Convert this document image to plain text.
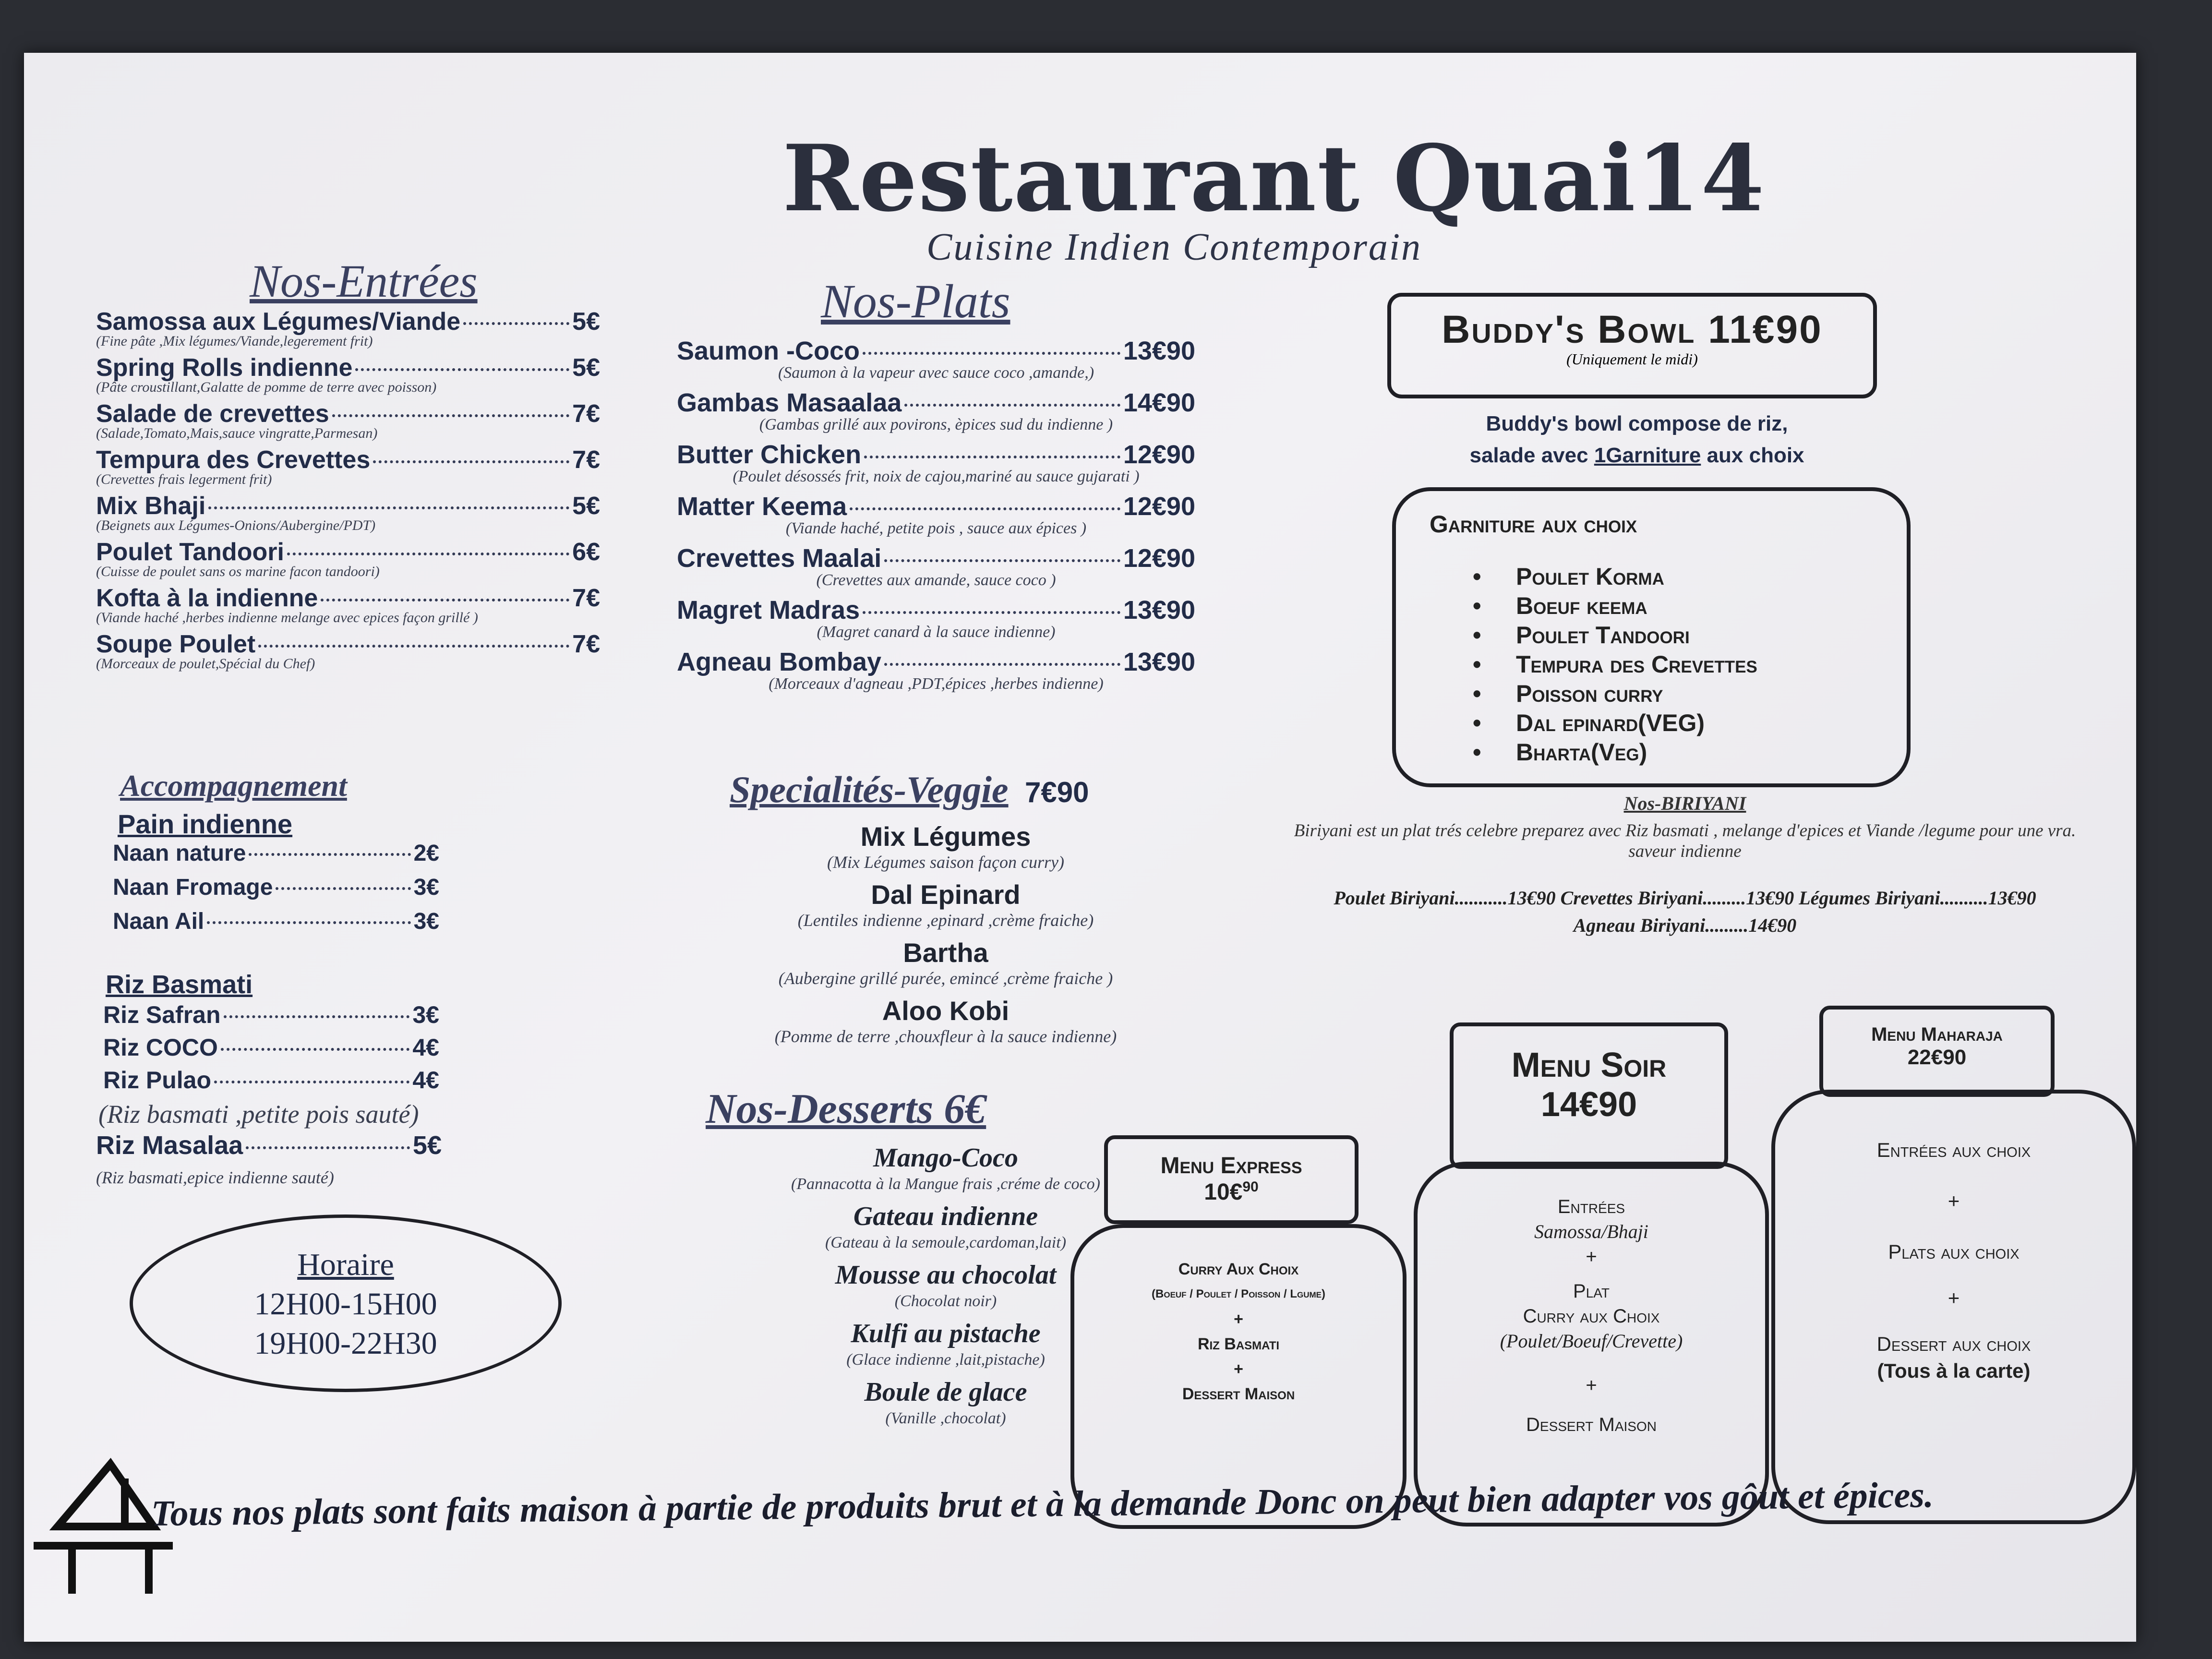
Restaurant Quai14
Cuisine Indien Contemporain
Nos-Entrées
Samossa aux Légumes/Viande	5€
(Fine pâte ,Mix légumes/Viande,legerement frit)
Spring Rolls indienne	5€
(Pâte croustillant,Galatte de pomme de terre avec poisson)
Salade de crevettes	7€
(Salade,Tomato,Mais,sauce vingratte,Parmesan)
Tempura des Crevettes	7€
(Crevettes frais legerment frit)
Mix Bhaji	5€
(Beignets aux Légumes-Onions/Aubergine/PDT)
Poulet Tandoori	6€
(Cuisse de poulet sans os marine facon tandoori)
Kofta à la indienne	7€
(Viande haché ,herbes indienne melange avec epices façon grillé )
Soupe Poulet	7€
(Morceaux de poulet,Spécial du Chef)
Accompagnement
Pain indienne
Naan nature	2€
Naan Fromage	3€
Naan Ail	3€
Riz Basmati
Riz Safran	3€
Riz COCO	4€
Riz Pulao	4€
(Riz basmati ,petite pois sauté)
Riz Masalaa	5€
(Riz basmati,epice indienne sauté)
Horaire
12H00-15H00
19H00-22H30
Nos-Plats
Saumon -Coco	13€90
(Saumon à la vapeur avec sauce coco ,amande,)
Gambas Masaalaa	14€90
(Gambas grillé aux povirons, èpices sud du indienne )
Butter Chicken	12€90
(Poulet désossés frit, noix de cajou,mariné au sauce gujarati )
Matter Keema	12€90
(Viande haché, petite pois , sauce aux épices )
Crevettes Maalai	12€90
(Crevettes aux amande, sauce coco )
Magret Madras	13€90
(Magret canard à la sauce indienne)
Agneau Bombay	13€90
(Morceaux d'agneau ,PDT,épices ,herbes indienne)
Specialités-Veggie 7€90
Mix Légumes
(Mix Légumes saison façon curry)
Dal Epinard
(Lentiles indienne ,epinard ,crème fraiche)
Bartha
(Aubergine grillé purée, emincé ,crème fraiche )
Aloo Kobi
(Pomme de terre ,chouxfleur à la sauce indienne)
Nos-Desserts 6€
Mango-Coco
(Pannacotta à la Mangue frais ,créme de coco)
Gateau indienne
(Gateau à la semoule,cardoman,lait)
Mousse au chocolat
(Chocolat noir)
Kulfi au pistache
(Glace indienne ,lait,pistache)
Boule de glace
(Vanille ,chocolat)
Buddy's Bowl 11€90
(Uniquement le midi)
Buddy's bowl compose de riz,
salade avec 1Garniture aux choix
Garniture aux choix
• Poulet Korma
• Boeuf keema
• Poulet Tandoori
• Tempura des Crevettes
• Poisson curry
• Dal epinard(VEG)
• Bharta(Veg)
Nos-BIRIYANI
Biriyani est un plat trés celebre preparez avec Riz basmati , melange d'epices et Viande /legume pour une vra.
saveur indienne
Poulet Biriyani...........13€90 Crevettes Biriyani.........13€90 Légumes Biriyani..........13€90
Agneau Biriyani.........14€90
Menu Express
10€$^{90}$
Curry Aux Choix
(Boeuf / Poulet / Poisson / Lgume)
+
Riz Basmati
+
Dessert Maison
Menu Soir
14€90
Entrées
Samossa/Bhaji
+
Plat
Curry aux Choix
(Poulet/Boeuf/Crevette)
+
Dessert Maison
Menu Maharaja
22€90
Entrées aux choix
+
Plats aux choix
+
Dessert aux choix
(Tous à la carte)
Tous nos plats sont faits maison à partie de produits brut et à la demande Donc on peut bien adapter vos gôut et épices.
